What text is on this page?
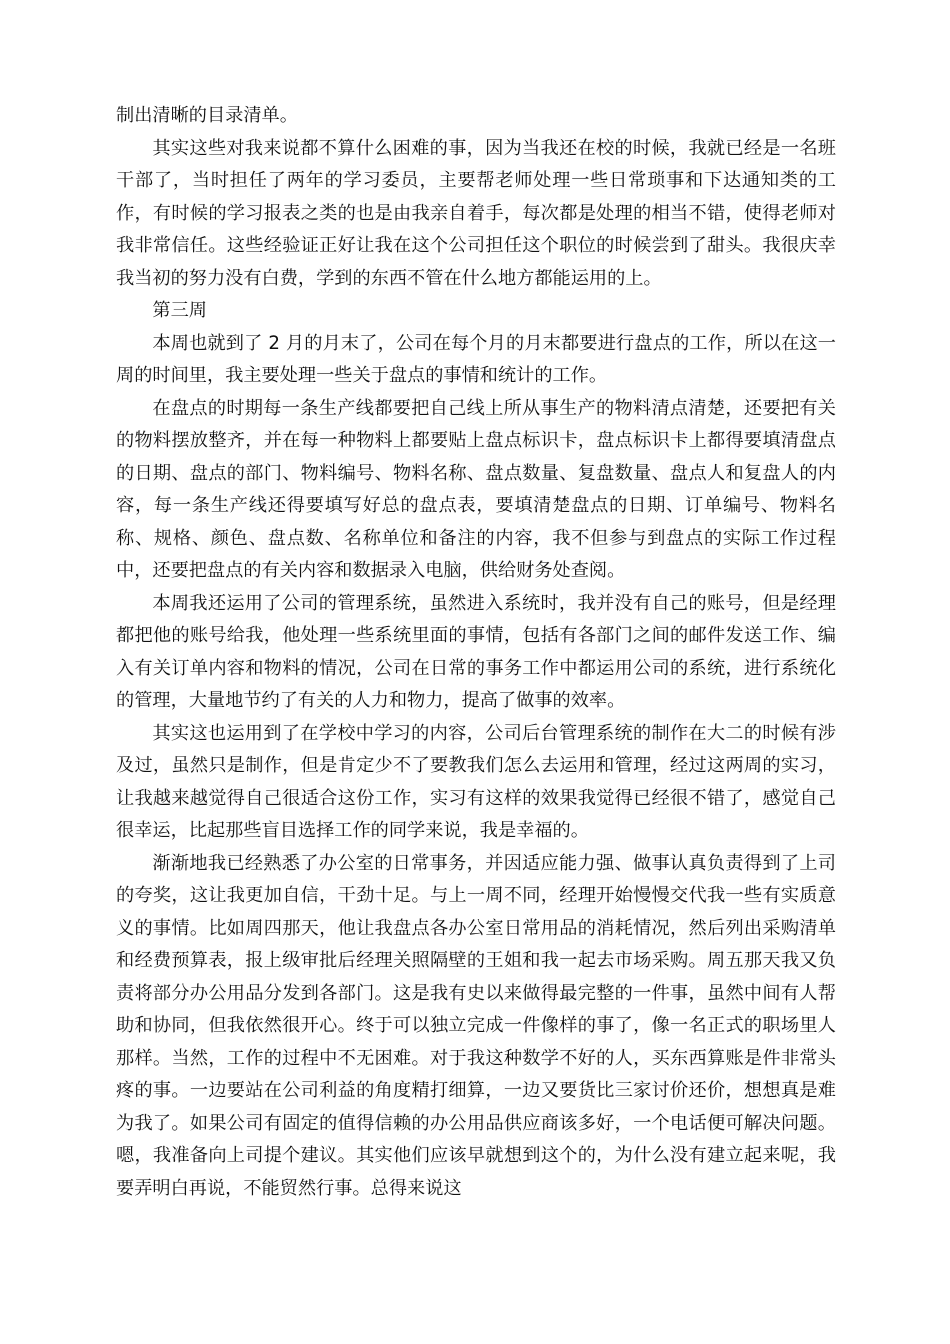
制出清晰的目录清单。

其实这些对我来说都不算什么困难的事，因为当我还在校的时候，我就已经是一名班干部了，当时担任了两年的学习委员，主要帮老师处理一些日常琐事和下达通知类的工作，有时候的学习报表之类的也是由我亲自着手，每次都是处理的相当不错，使得老师对我非常信任。这些经验证正好让我在这个公司担任这个职位的时候尝到了甜头。我很庆幸我当初的努力没有白费，学到的东西不管在什么地方都能运用的上。

第三周

本周也就到了 2 月的月末了，公司在每个月的月末都要进行盘点的工作，所以在这一周的时间里，我主要处理一些关于盘点的事情和统计的工作。

在盘点的时期每一条生产线都要把自己线上所从事生产的物料清点清楚，还要把有关的物料摆放整齐，并在每一种物料上都要贴上盘点标识卡，盘点标识卡上都得要填清盘点的日期、盘点的部门、物料编号、物料名称、盘点数量、复盘数量、盘点人和复盘人的内容，每一条生产线还得要填写好总的盘点表，要填清楚盘点的日期、订单编号、物料名称、规格、颜色、盘点数、名称单位和备注的内容，我不但参与到盘点的实际工作过程中，还要把盘点的有关内容和数据录入电脑，供给财务处查阅。

本周我还运用了公司的管理系统，虽然进入系统时，我并没有自己的账号，但是经理都把他的账号给我，他处理一些系统里面的事情，包括有各部门之间的邮件发送工作、编入有关订单内容和物料的情况，公司在日常的事务工作中都运用公司的系统，进行系统化的管理，大量地节约了有关的人力和物力，提高了做事的效率。

其实这也运用到了在学校中学习的内容，公司后台管理系统的制作在大二的时候有涉及过，虽然只是制作，但是肯定少不了要教我们怎么去运用和管理，经过这两周的实习，让我越来越觉得自己很适合这份工作，实习有这样的效果我觉得已经很不错了，感觉自己很幸运，比起那些盲目选择工作的同学来说，我是幸福的。

渐渐地我已经熟悉了办公室的日常事务，并因适应能力强、做事认真负责得到了上司的夸奖，这让我更加自信，干劲十足。与上一周不同，经理开始慢慢交代我一些有实质意义的事情。比如周四那天，他让我盘点各办公室日常用品的消耗情况，然后列出采购清单和经费预算表，报上级审批后经理关照隔壁的王姐和我一起去市场采购。周五那天我又负责将部分办公用品分发到各部门。这是我有史以来做得最完整的一件事，虽然中间有人帮助和协同，但我依然很开心。终于可以独立完成一件像样的事了，像一名正式的职场里人那样。当然，工作的过程中不无困难。对于我这种数学不好的人，买东西算账是件非常头疼的事。一边要站在公司利益的角度精打细算，一边又要货比三家讨价还价，想想真是难为我了。如果公司有固定的值得信赖的办公用品供应商该多好，一个电话便可解决问题。嗯，我准备向上司提个建议。其实他们应该早就想到这个的，为什么没有建立起来呢，我要弄明白再说，不能贸然行事。总得来说这
